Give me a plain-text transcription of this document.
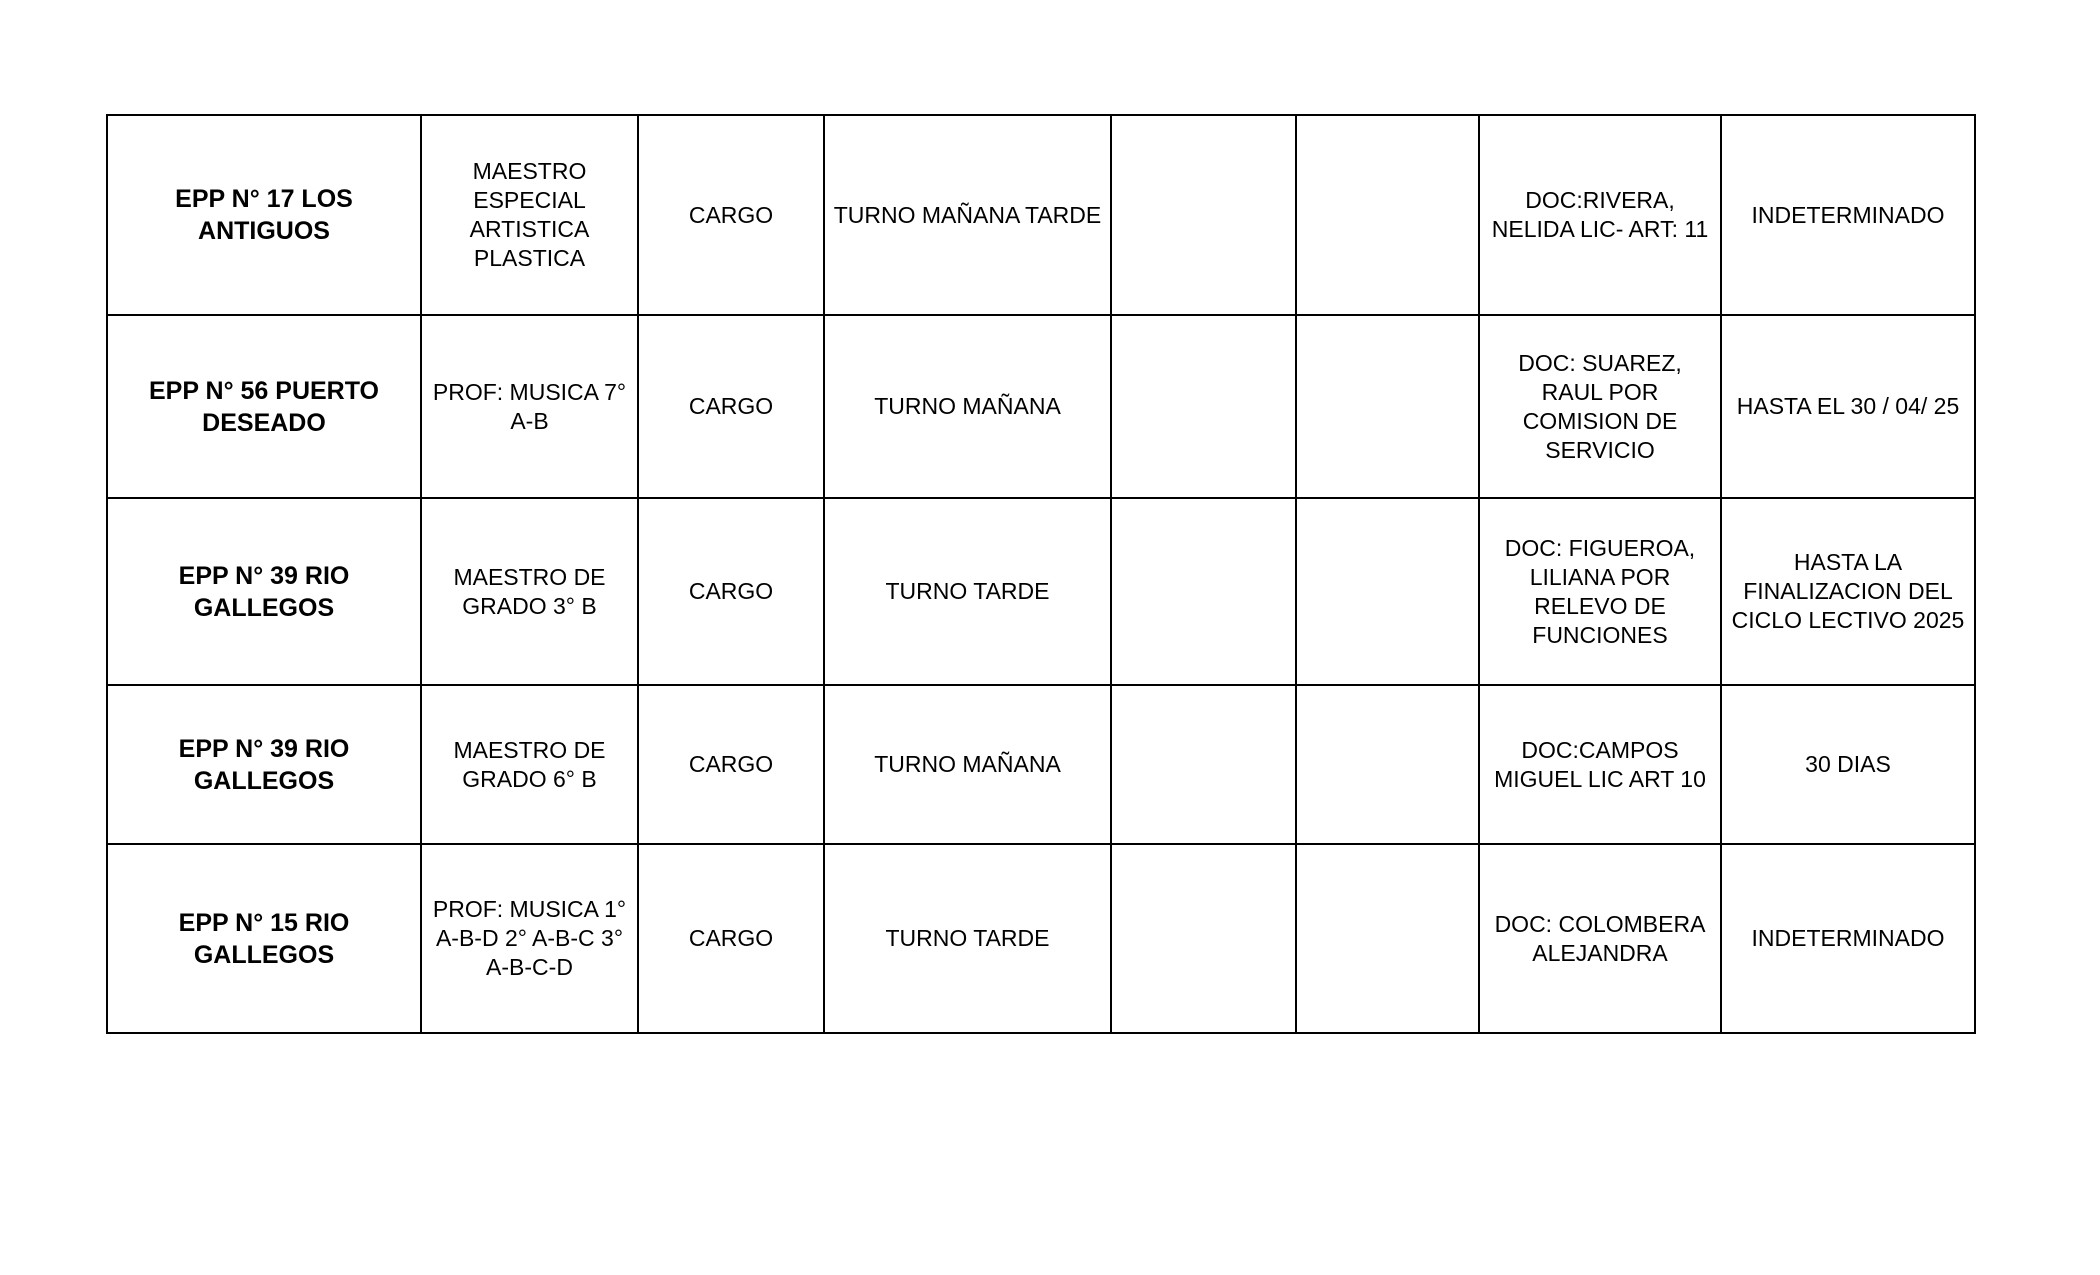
EPP N° 17 LOS ANTIGUOS	MAESTRO ESPECIAL ARTISTICA PLASTICA	CARGO	TURNO MAÑANA TARDE			DOC:RIVERA, NELIDA LIC- ART: 11	INDETERMINADO
EPP N° 56 PUERTO DESEADO	PROF: MUSICA 7° A-B	CARGO	TURNO MAÑANA			DOC: SUAREZ, RAUL POR COMISION DE SERVICIO	HASTA EL 30 / 04/ 25
EPP N° 39 RIO GALLEGOS	MAESTRO DE GRADO 3° B	CARGO	TURNO TARDE			DOC: FIGUEROA, LILIANA POR RELEVO DE FUNCIONES	HASTA LA FINALIZACION DEL CICLO LECTIVO 2025
EPP N° 39 RIO GALLEGOS	MAESTRO DE GRADO 6° B	CARGO	TURNO MAÑANA			DOC:CAMPOS MIGUEL LIC ART 10	30 DIAS
EPP N° 15 RIO GALLEGOS	PROF: MUSICA 1° A-B-D 2° A-B-C 3° A-B-C-D	CARGO	TURNO TARDE			DOC: COLOMBERA ALEJANDRA	INDETERMINADO
